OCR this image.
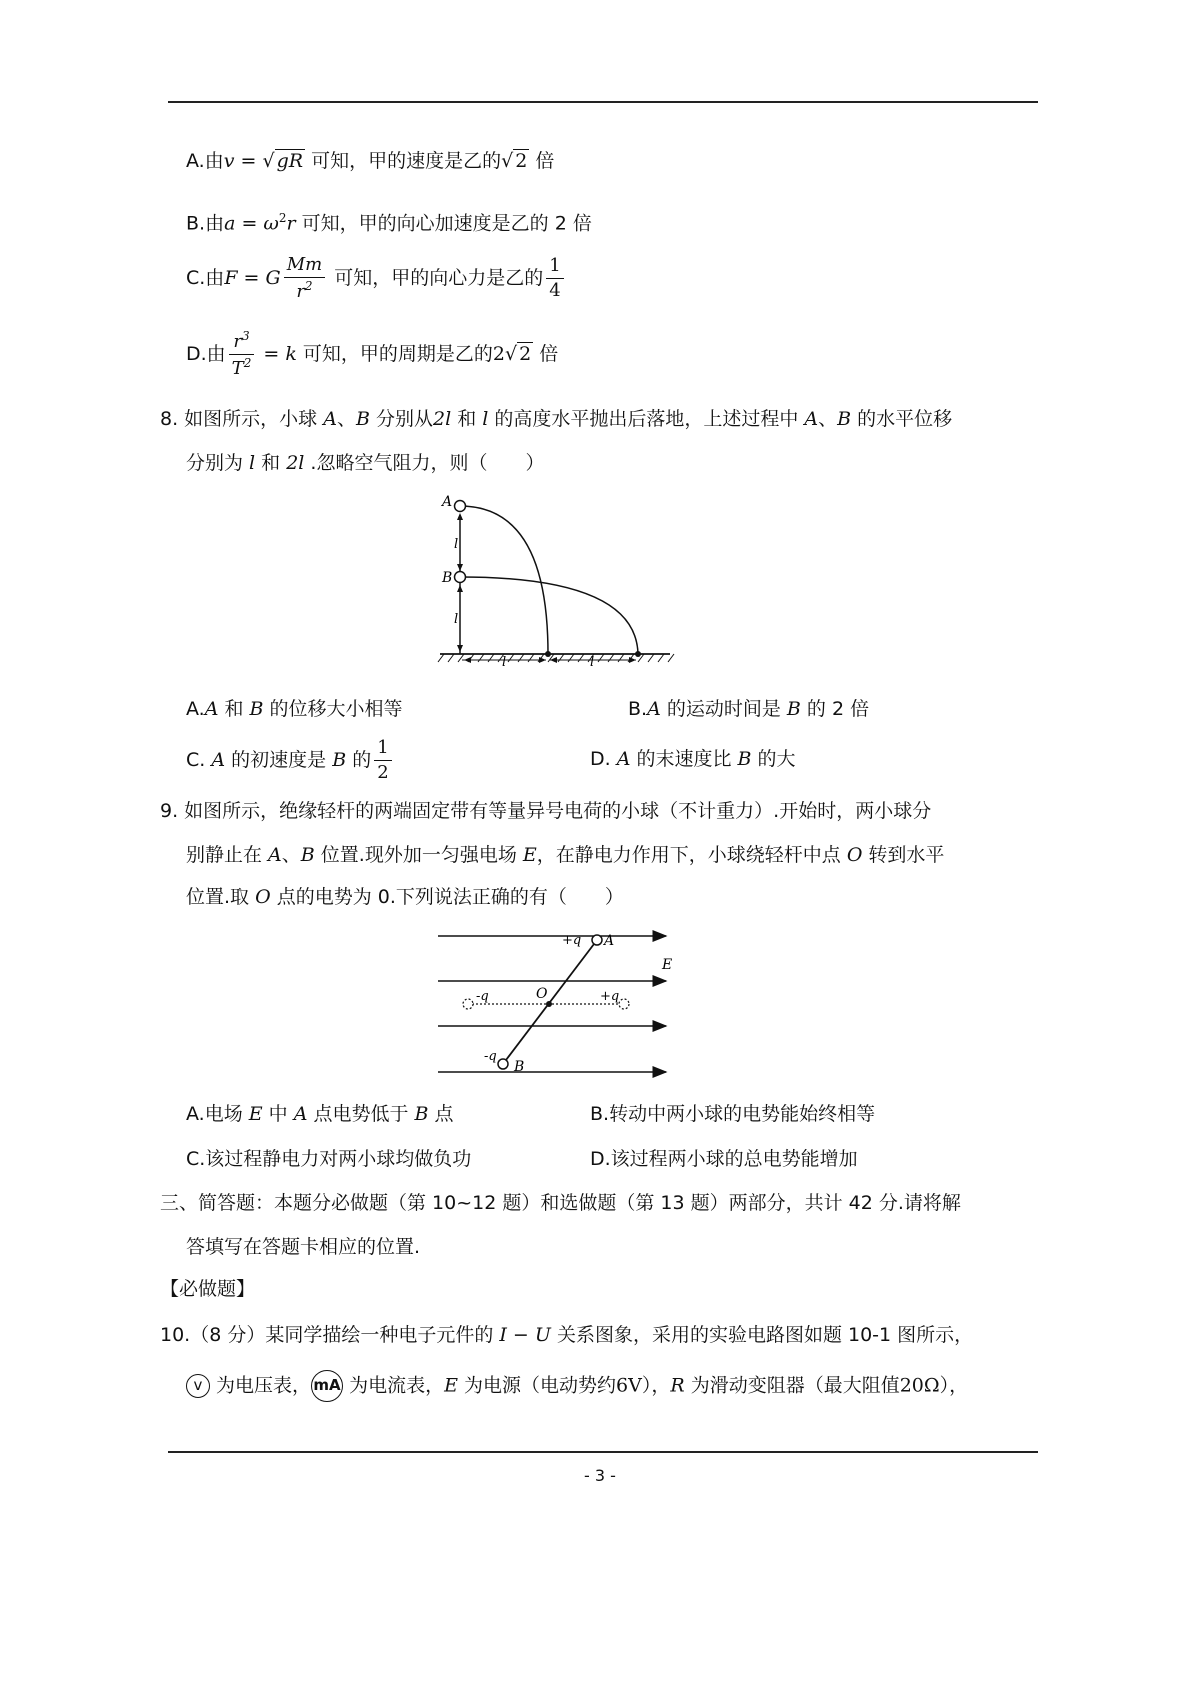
A.由v = √ gR 可知，甲的速度是乙的√ 2 倍
B.由$a = \omega^2r$ 可知，甲的向心加速度是乙的 2 倍
C.由F = G $\frac{Mm}{r^2}$ 可知，甲的向心力是乙的 $\frac{1}{4}$
D.由 $\frac{r^3}{T^2} = k$ 可知，甲的周期是乙的2√ 2 倍
8. 如图所示，小球 A、B 分别从2l 和 l 的高度水平抛出后落地，上述过程中 A、B 的水平位移
分别为 l 和 2l .忽略空气阻力，则（　　）
A
B
l
l
l	l
A.A 和 B 的位移大小相等	B.A 的运动时间是 B 的 2 倍
C. A 的初速度是 B 的 $\frac{1}{2}$	D. A 的末速度比 B 的大
9. 如图所示，绝缘轻杆的两端固定带有等量异号电荷的小球（不计重力）.开始时，两小球分
别静止在 A、B 位置.现外加一匀强电场 E，在静电力作用下，小球绕轻杆中点 O 转到水平
位置.取 O 点的电势为 0.下列说法正确的有（　　）
+q A
E
-q	O	+q
-q
B
A.电场 E 中 A 点电势低于 B 点	B.转动中两小球的电势能始终相等
C.该过程静电力对两小球均做负功	D.该过程两小球的总电势能增加
三、简答题：本题分必做题（第 10~12 题）和选做题（第 13 题）两部分，共计 42 分.请将解
答填写在答题卡相应的位置.
【必做题】
10.（8 分）某同学描绘一种电子元件的 I − U 关系图象，采用的实验电路图如题 10-1 图所示，
v 为电压表， mA 为电流表，E 为电源（电动势约6V），R 为滑动变阻器（最大阻值20Ω），
- 3 -
